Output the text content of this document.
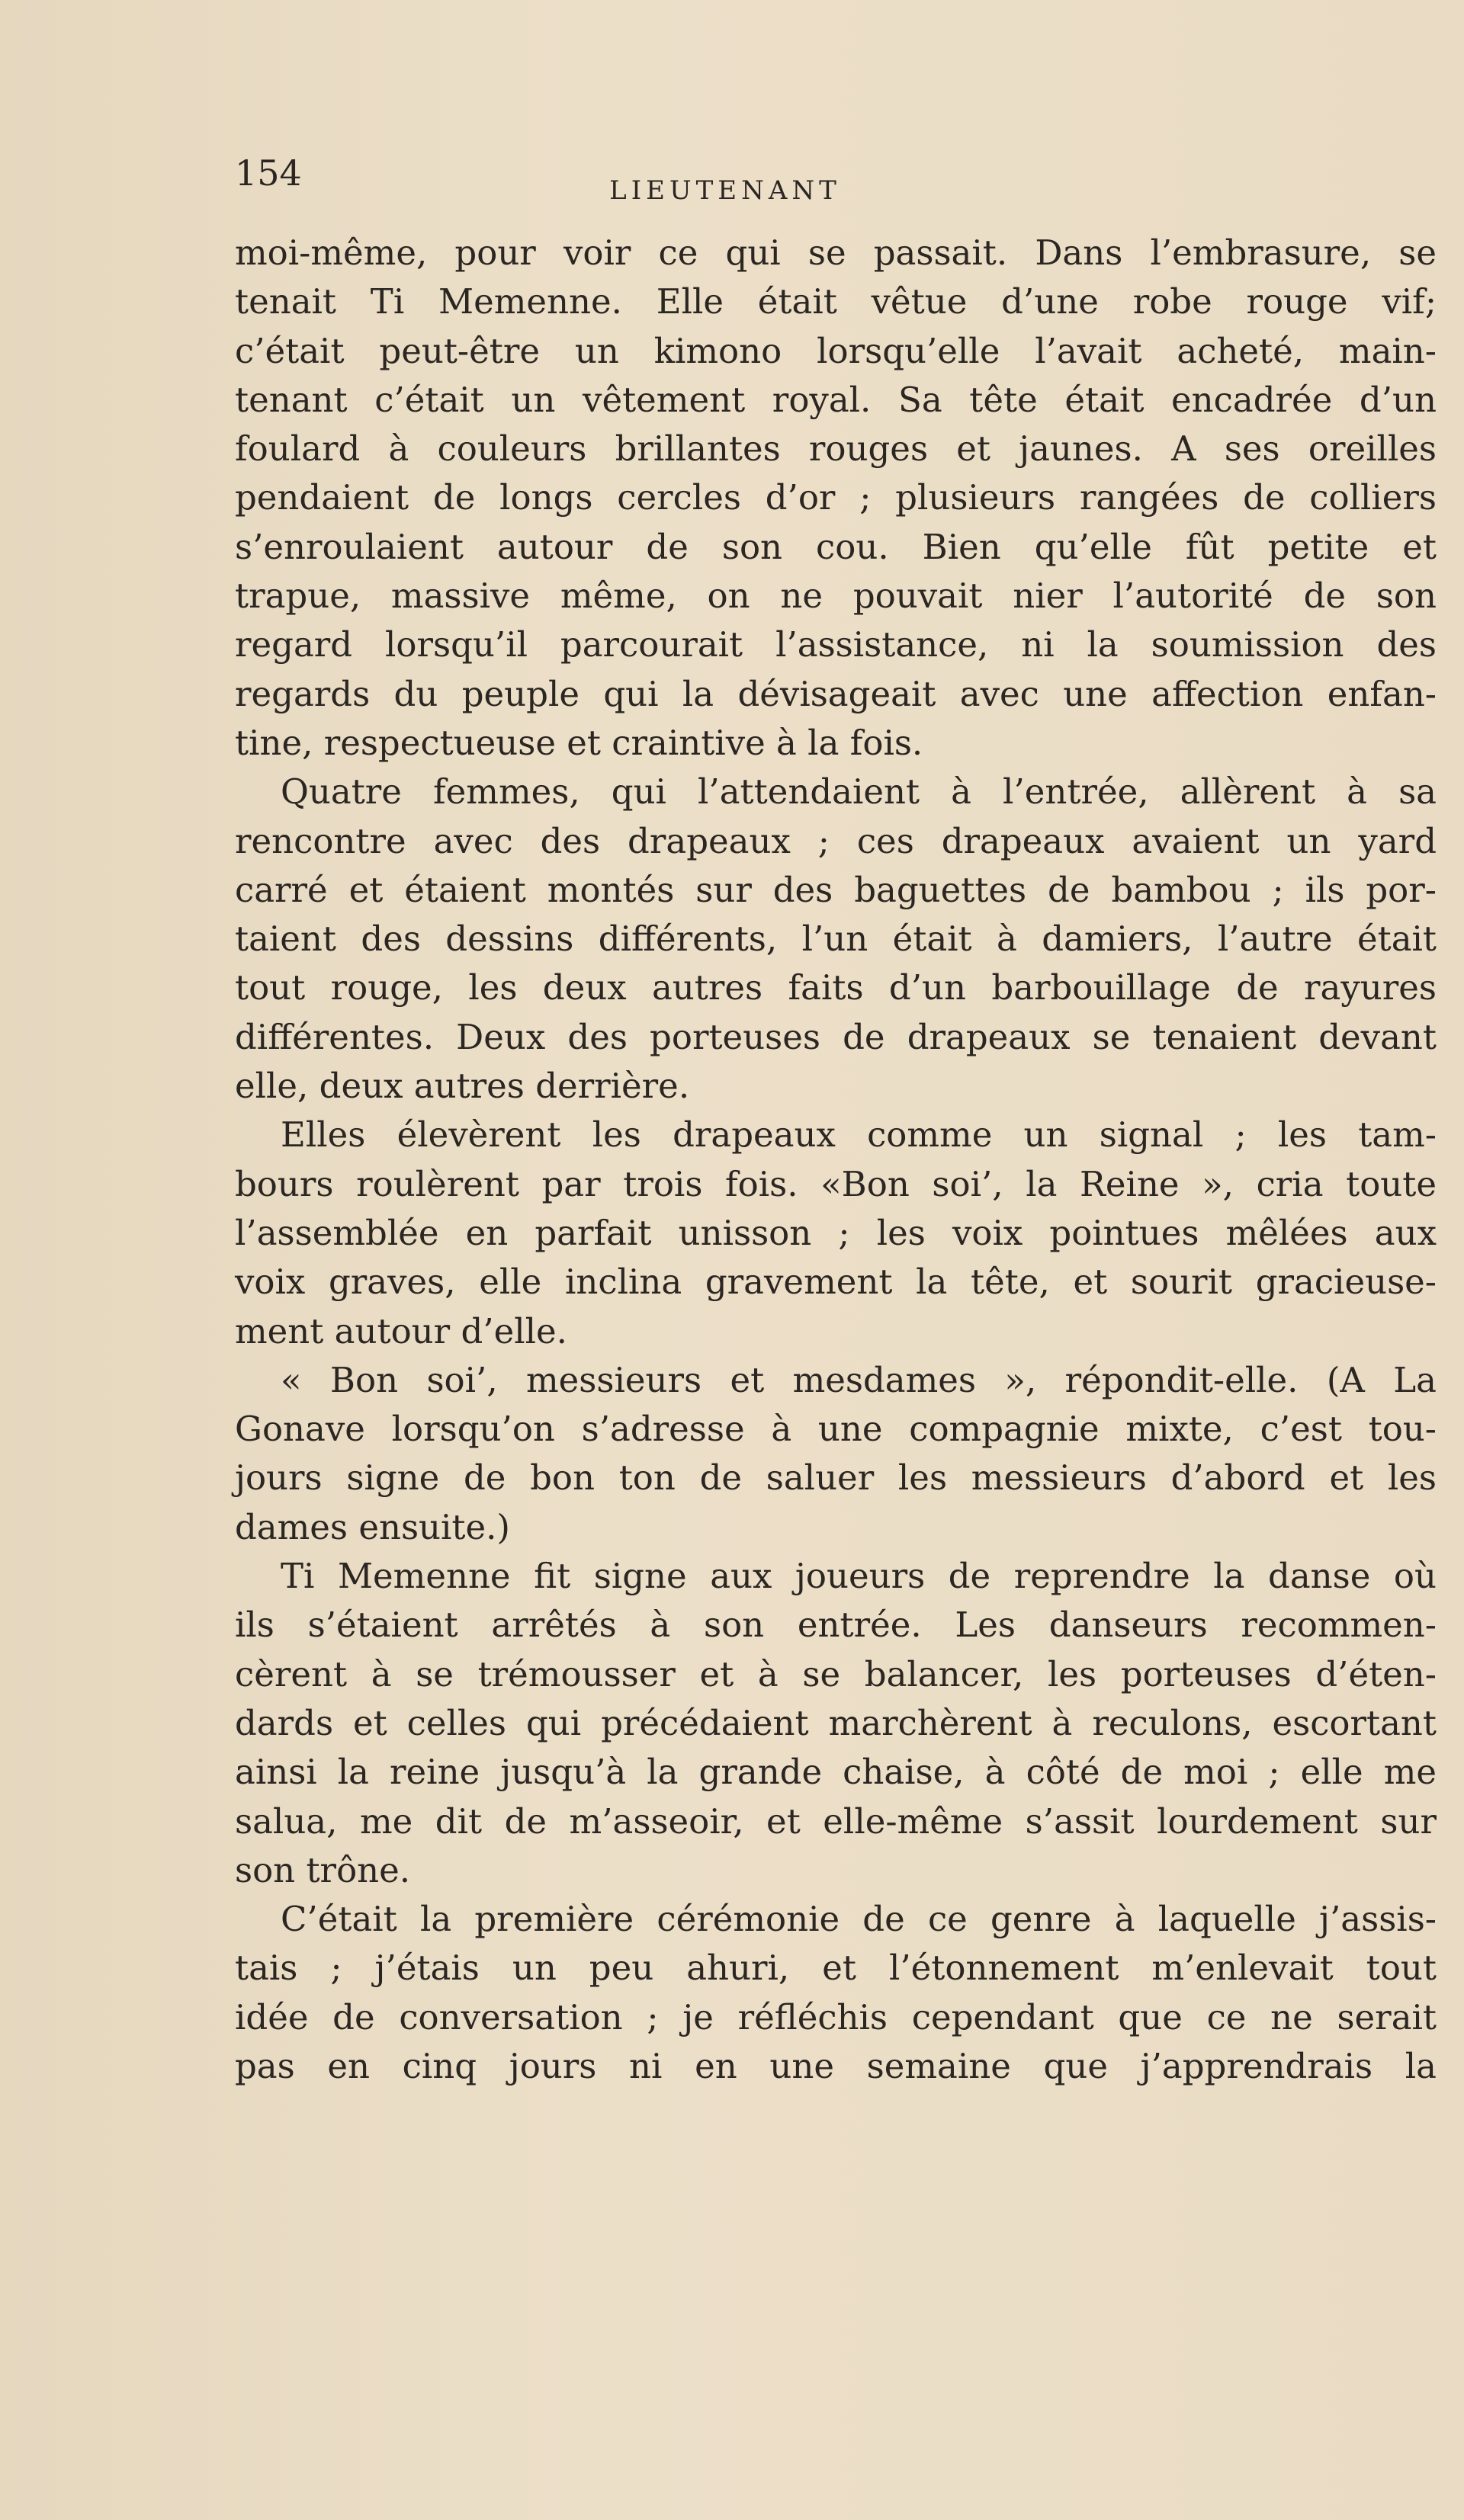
154	LIEUTENANT
moi-même, pour voir ce qui se passait. Dans l’embrasure, se
tenait Ti Memenne. Elle était vêtue d’une robe rouge vif;
c’était peut-être un kimono lorsqu’elle l’avait acheté, main-
tenant c’était un vêtement royal. Sa tête était encadrée d’un
foulard à couleurs brillantes rouges et jaunes. A ses oreilles
pendaient de longs cercles d’or ; plusieurs rangées de colliers
s’enroulaient autour de son cou. Bien qu’elle fût petite et
trapue, massive même, on ne pouvait nier l’autorité de son
regard lorsqu’il parcourait l’assistance, ni la soumission des
regards du peuple qui la dévisageait avec une affection enfan-
tine, respectueuse et craintive à la fois.
Quatre femmes, qui l’attendaient à l’entrée, allèrent à sa
rencontre avec des drapeaux ; ces drapeaux avaient un yard
carré et étaient montés sur des baguettes de bambou ; ils por-
taient des dessins différents, l’un était à damiers, l’autre était
tout rouge, les deux autres faits d’un barbouillage de rayures
différentes. Deux des porteuses de drapeaux se tenaient devant
elle, deux autres derrière.
Elles élevèrent les drapeaux comme un signal ; les tam-
bours roulèrent par trois fois. «Bon soi’, la Reine », cria toute
l’assemblée en parfait unisson ; les voix pointues mêlées aux
voix graves, elle inclina gravement la tête, et sourit gracieuse-
ment autour d’elle.
« Bon soi’, messieurs et mesdames », répondit-elle. (A La
Gonave lorsqu’on s’adresse à une compagnie mixte, c’est tou-
jours signe de bon ton de saluer les messieurs d’abord et les
dames ensuite.)
Ti Memenne fit signe aux joueurs de reprendre la danse où
ils s’étaient arrêtés à son entrée. Les danseurs recommen-
cèrent à se trémousser et à se balancer, les porteuses d’éten-
dards et celles qui précédaient marchèrent à reculons, escortant
ainsi la reine jusqu’à la grande chaise, à côté de moi ; elle me
salua, me dit de m’asseoir, et elle-même s’assit lourdement sur
son trône.
C’était la première cérémonie de ce genre à laquelle j’assis-
tais ; j’étais un peu ahuri, et l’étonnement m’enlevait tout
idée de conversation ; je réfléchis cependant que ce ne serait
pas en cinq jours ni en une semaine que j’apprendrais la
